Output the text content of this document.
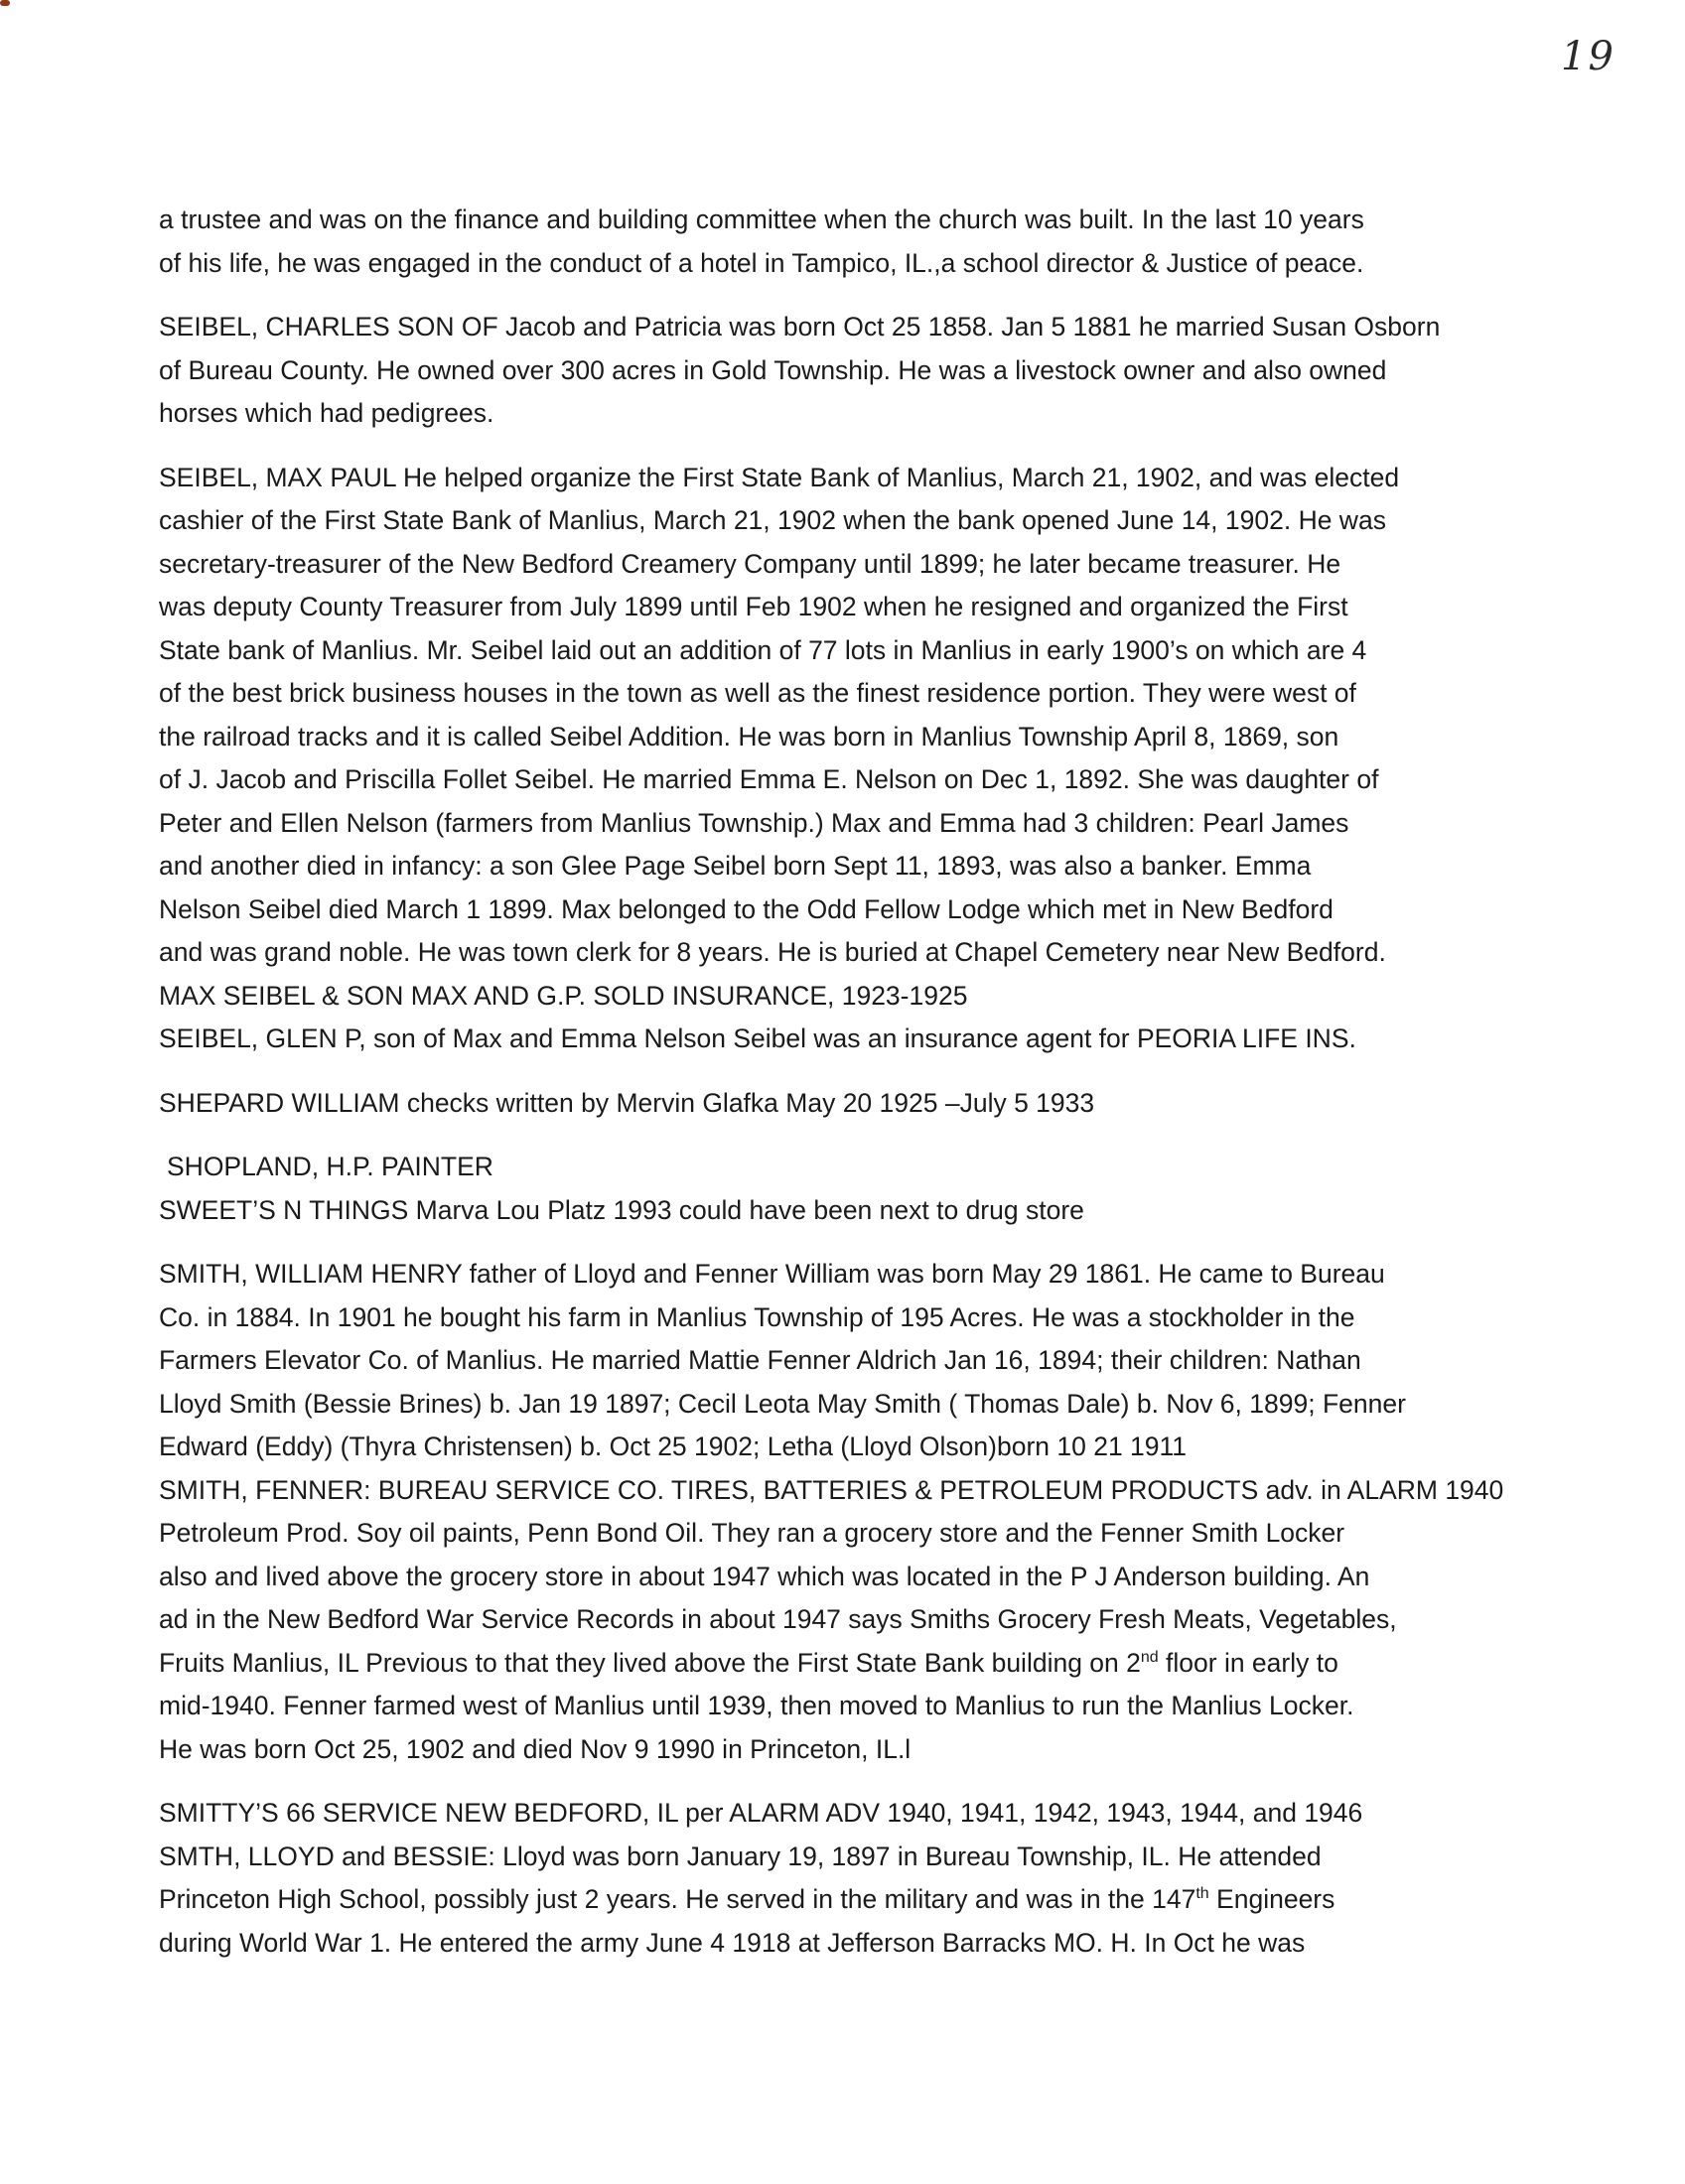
19
a trustee and was on the finance and building committee when the church was built. In the last 10 years
of his life, he was engaged in the conduct of a hotel in Tampico, IL.,a school director & Justice of peace.
SEIBEL, CHARLES SON OF Jacob and Patricia was born Oct 25 1858. Jan 5 1881 he married Susan Osborn
of Bureau County. He owned over 300 acres in Gold Township. He was a livestock owner and also owned
horses which had pedigrees.
SEIBEL, MAX PAUL He helped organize the First State Bank of Manlius, March 21, 1902, and was elected
cashier of the First State Bank of Manlius, March 21, 1902 when the bank opened June 14, 1902. He was
secretary-treasurer of the New Bedford Creamery Company until 1899; he later became treasurer. He
was deputy County Treasurer from July 1899 until Feb 1902 when he resigned and organized the First
State bank of Manlius. Mr. Seibel laid out an addition of 77 lots in Manlius in early 1900’s on which are 4
of the best brick business houses in the town as well as the finest residence portion. They were west of
the railroad tracks and it is called Seibel Addition. He was born in Manlius Township April 8, 1869, son
of J. Jacob and Priscilla Follet Seibel. He married Emma E. Nelson on Dec 1, 1892. She was daughter of
Peter and Ellen Nelson (farmers from Manlius Township.) Max and Emma had 3 children: Pearl James
and another died in infancy: a son Glee Page Seibel born Sept 11, 1893, was also a banker. Emma
Nelson Seibel died March 1 1899. Max belonged to the Odd Fellow Lodge which met in New Bedford
and was grand noble. He was town clerk for 8 years. He is buried at Chapel Cemetery near New Bedford.
MAX SEIBEL & SON MAX AND G.P. SOLD INSURANCE, 1923-1925
SEIBEL, GLEN P, son of Max and Emma Nelson Seibel was an insurance agent for PEORIA LIFE INS.
SHEPARD WILLIAM checks written by Mervin Glafka May 20 1925 –July 5 1933
SHOPLAND, H.P. PAINTER
SWEET’S N THINGS Marva Lou Platz 1993 could have been next to drug store
SMITH, WILLIAM HENRY father of Lloyd and Fenner William was born May 29 1861. He came to Bureau
Co. in 1884. In 1901 he bought his farm in Manlius Township of 195 Acres. He was a stockholder in the
Farmers Elevator Co. of Manlius. He married Mattie Fenner Aldrich Jan 16, 1894; their children: Nathan
Lloyd Smith (Bessie Brines) b. Jan 19 1897; Cecil Leota May Smith ( Thomas Dale) b. Nov 6, 1899; Fenner
Edward (Eddy) (Thyra Christensen) b. Oct 25 1902; Letha (Lloyd Olson)born 10 21 1911
SMITH, FENNER: BUREAU SERVICE CO. TIRES, BATTERIES & PETROLEUM PRODUCTS adv. in ALARM 1940
Petroleum Prod. Soy oil paints, Penn Bond Oil. They ran a grocery store and the Fenner Smith Locker
also and lived above the grocery store in about 1947 which was located in the P J Anderson building. An
ad in the New Bedford War Service Records in about 1947 says Smiths Grocery Fresh Meats, Vegetables,
Fruits Manlius, IL Previous to that they lived above the First State Bank building on 2nd floor in early to
mid-1940. Fenner farmed west of Manlius until 1939, then moved to Manlius to run the Manlius Locker.
He was born Oct 25, 1902 and died Nov 9 1990 in Princeton, IL.l
SMITTY’S 66 SERVICE NEW BEDFORD, IL per ALARM ADV 1940, 1941, 1942, 1943, 1944, and 1946
SMTH, LLOYD and BESSIE: Lloyd was born January 19, 1897 in Bureau Township, IL. He attended
Princeton High School, possibly just 2 years. He served in the military and was in the 147th Engineers
during World War 1. He entered the army June 4 1918 at Jefferson Barracks MO. H. In Oct he was
